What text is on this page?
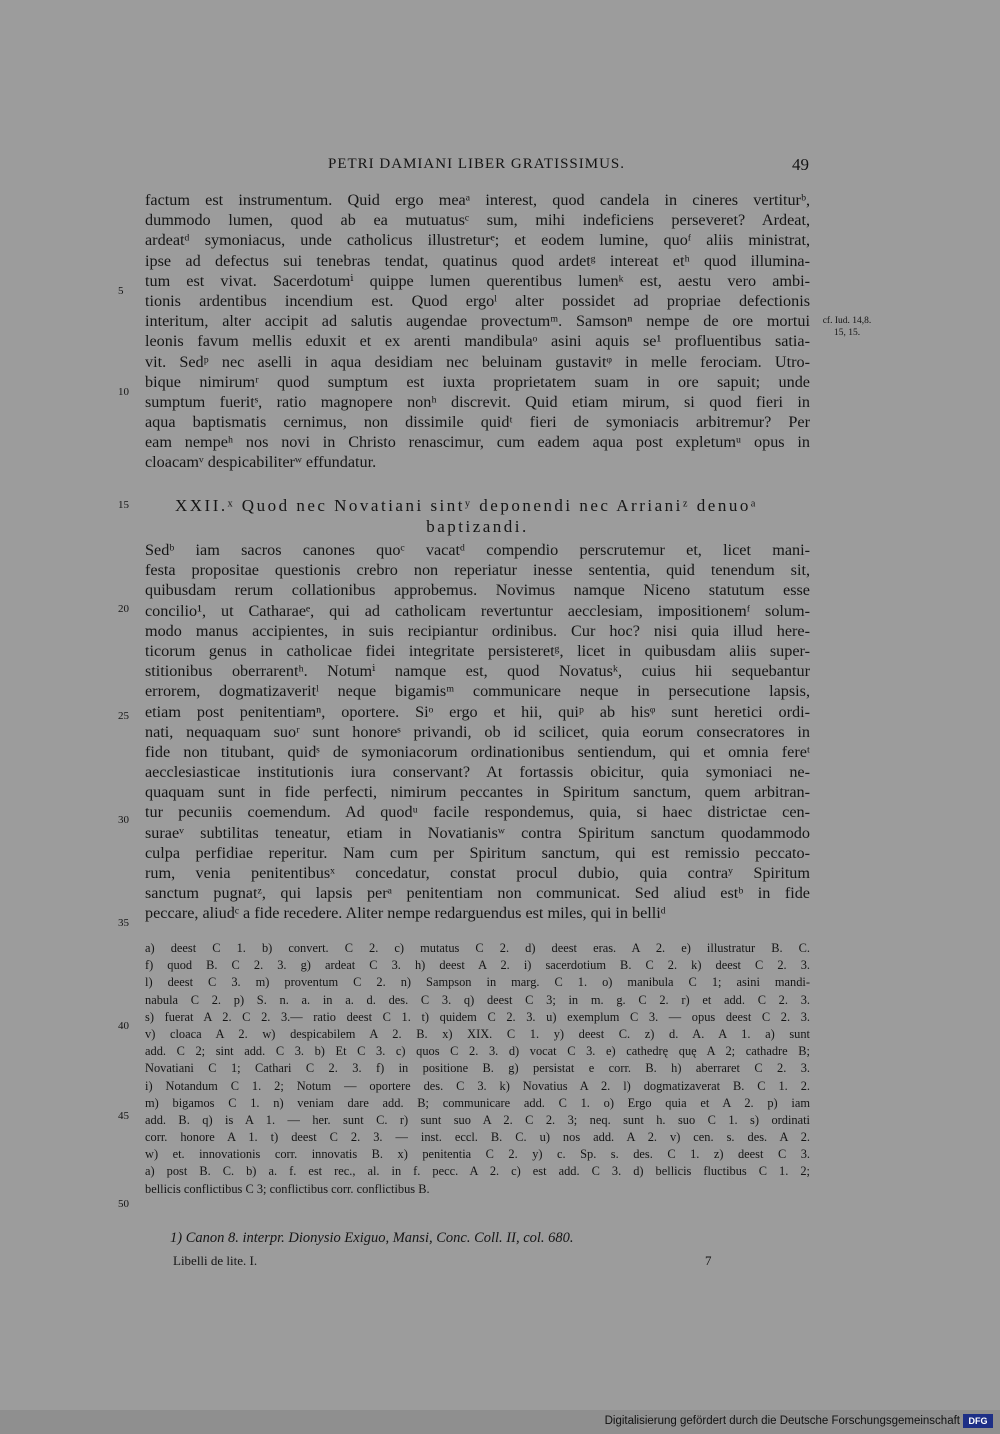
PETRI DAMIANI LIBER GRATISSIMUS.	49
factum est instrumentum. Quid ergo meaᵃ interest, quod candela in cineres vertiturᵇ,
dummodo lumen, quod ab ea mutuatusᶜ sum, mihi indeficiens perseveret? Ardeat,
ardeatᵈ symoniacus, unde catholicus illustreturᵉ; et eodem lumine, quoᶠ aliis ministrat,
ipse ad defectus sui tenebras tendat, quatinus quod ardetᵍ intereat etʰ quod illumina-
tum est vivat. Sacerdotumⁱ quippe lumen querentibus lumenᵏ est, aestu vero ambi-
tionis ardentibus incendium est. Quod ergoˡ alter possidet ad propriae defectionis
interitum, alter accipit ad salutis augendae provectumᵐ. Samsonⁿ nempe de ore mortui
leonis favum mellis eduxit et ex arenti mandibulaᵒ asini aquis se¹ profluentibus satia-
vit. Sedᵖ nec aselli in aqua desidiam nec beluinam gustavitᵠ in melle ferociam. Utro-
bique nimirumʳ quod sumptum est iuxta proprietatem suam in ore sapuit; unde
sumptum fueritˢ, ratio magnopere nonʰ discrevit. Quid etiam mirum, si quod fieri in
aqua baptismatis cernimus, non dissimile quidᵗ fieri de symoniacis arbitremur? Per
eam nempeʰ nos novi in Christo renascimur, cum eadem aqua post expletumᵘ opus in
cloacamᵛ despicabiliterʷ effundatur.
XXII.ˣ Quod nec Novatiani sintʸ deponendi nec Arrianiᶻ denuoᵃ
baptizandi.
Sedᵇ iam sacros canones quoᶜ vacatᵈ compendio perscrutemur et, licet mani-
festa propositae questionis crebro non reperiatur inesse sententia, quid tenendum sit,
quibusdam rerum collationibus approbemus. Novimus namque Niceno statutum esse
concilio¹, ut Catharaeᵉ, qui ad catholicam revertuntur aecclesiam, impositionemᶠ solum-
modo manus accipientes, in suis recipiantur ordinibus. Cur hoc? nisi quia illud here-
ticorum genus in catholicae fidei integritate persisteretᵍ, licet in quibusdam aliis super-
stitionibus oberrarentʰ. Notumⁱ namque est, quod Novatusᵏ, cuius hii sequebantur
errorem, dogmatizaveritˡ neque bigamisᵐ communicare neque in persecutione lapsis,
etiam post penitentiamⁿ, oportere. Siᵒ ergo et hii, quiᵖ ab hisᵠ sunt heretici ordi-
nati, nequaquam suoʳ sunt honoreˢ privandi, ob id scilicet, quia eorum consecratores in
fide non titubant, quidˢ de symoniacorum ordinationibus sentiendum, qui et omnia fereᵗ
aecclesiasticae institutionis iura conservant? At fortassis obicitur, quia symoniaci ne-
quaquam sunt in fide perfecti, nimirum peccantes in Spiritum sanctum, quem arbitran-
tur pecuniis coemendum. Ad quodᵘ facile respondemus, quia, si haec districtae cen-
suraeᵛ subtilitas teneatur, etiam in Novatianisʷ contra Spiritum sanctum quodammodo
culpa perfidiae reperitur. Nam cum per Spiritum sanctum, qui est remissio peccato-
rum, venia penitentibusˣ concedatur, constat procul dubio, quia contraʸ Spiritum
sanctum pugnatᶻ, qui lapsis perᵃ penitentiam non communicat. Sed aliud estᵇ in fide
peccare, aliudᶜ a fide recedere. Aliter nempe redarguendus est miles, qui in belliᵈ
cf. Iud. 14,8.
15, 15.
5
10
15
20
25
30
35
40
45
50
a) deest C 1. b) convert. C 2. c) mutatus C 2. d) deest eras. A 2. e) illustratur B. C.
f) quod B. C 2. 3. g) ardeat C 3. h) deest A 2. i) sacerdotium B. C 2. k) deest C 2. 3.
l) deest C 3. m) proventum C 2. n) Sampson in marg. C 1. o) manibula C 1; asini mandi-
nabula C 2. p) S. n. a. in a. d. des. C 3. q) deest C 3; in m. g. C 2. r) et add. C 2. 3.
s) fuerat A 2. C 2. 3.— ratio deest C 1. t) quidem C 2. 3. u) exemplum C 3. — opus deest C 2. 3.
v) cloaca A 2. w) despicabilem A 2. B. x) XIX. C 1. y) deest C. z) d. A. A 1. a) sunt
add. C 2; sint add. C 3. b) Et C 3. c) quos C 2. 3. d) vocat C 3. e) cathedrę quę A 2; cathadre B;
Novatiani C 1; Cathari C 2. 3. f) in positione B. g) persistat e corr. B. h) aberraret C 2. 3.
i) Notandum C 1. 2; Notum — oportere des. C 3. k) Novatius A 2. l) dogmatizaverat B. C 1. 2.
m) bigamos C 1. n) veniam dare add. B; communicare add. C 1. o) Ergo quia et A 2. p) iam
add. B. q) is A 1. — her. sunt C. r) sunt suo A 2. C 2. 3; neq. sunt h. suo C 1. s) ordinati
corr. honore A 1. t) deest C 2. 3. — inst. eccl. B. C. u) nos add. A 2. v) cen. s. des. A 2.
w) et. innovationis corr. innovatis B. x) penitentia C 2. y) c. Sp. s. des. C 1. z) deest C 3.
a) post B. C. b) a. f. est rec., al. in f. pecc. A 2. c) est add. C 3. d) bellicis fluctibus C 1. 2;
bellicis conflictibus C 3; conflictibus corr. conflictibus B.
1) Canon 8. interpr. Dionysio Exiguo, Mansi, Conc. Coll. II, col. 680.
Libelli de lite. I.	7
Digitalisierung gefördert durch die Deutsche Forschungsgemeinschaft DFG
